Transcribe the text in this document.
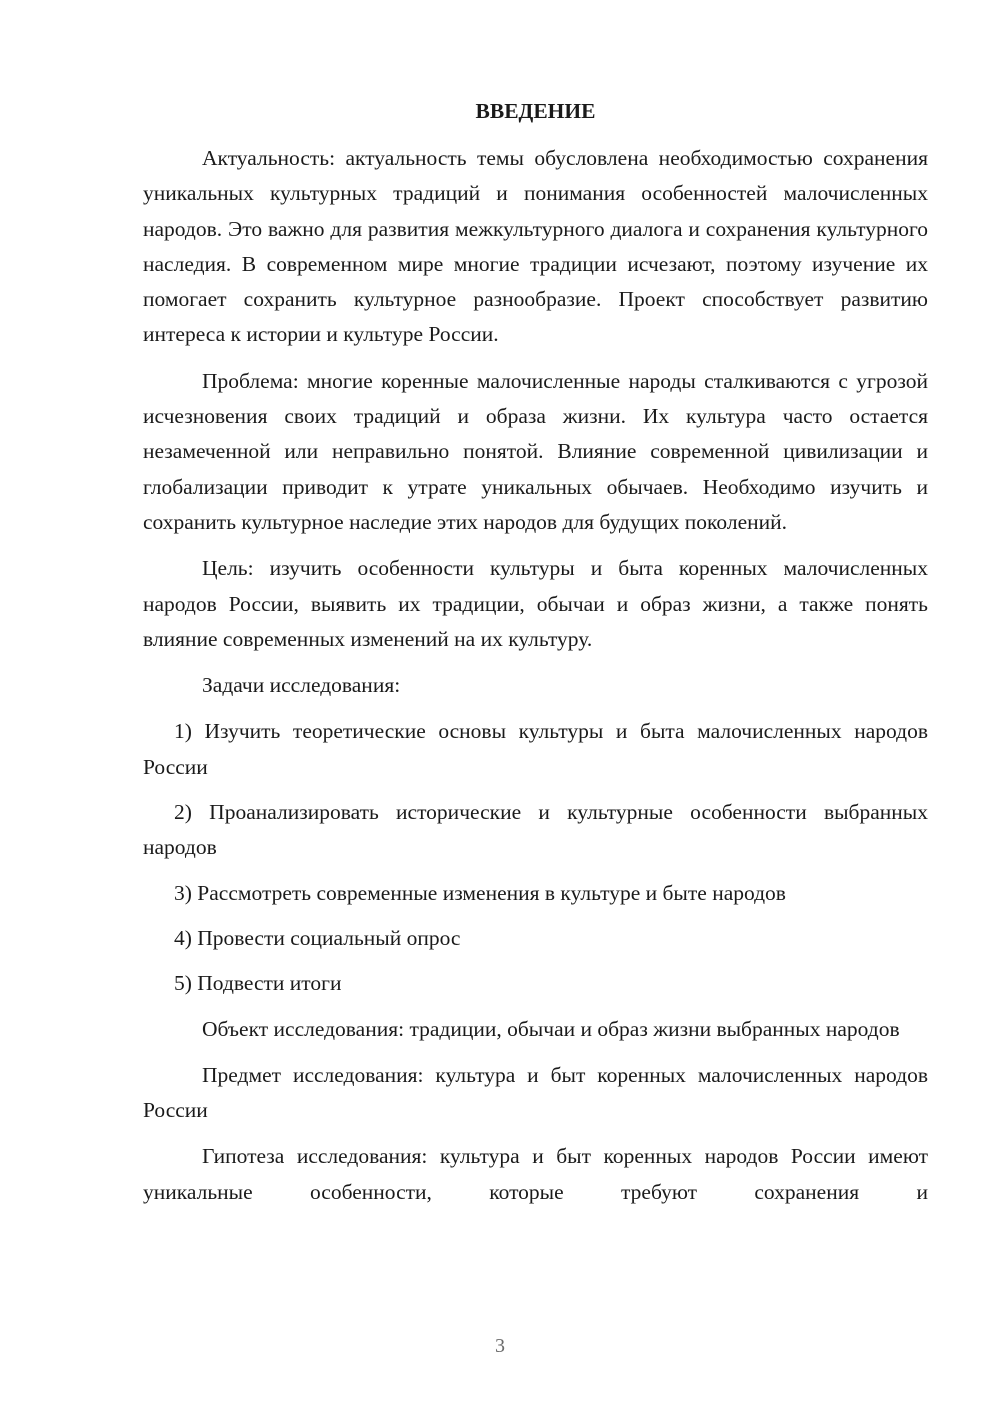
ВВЕДЕНИЕ

Актуальность: актуальность темы обусловлена необходимостью сохранения уникальных культурных традиций и понимания особенностей малочисленных народов. Это важно для развития межкультурного диалога и сохранения культурного наследия. В современном мире многие традиции исчезают, поэтому изучение их помогает сохранить культурное разнообразие. Проект способствует развитию интереса к истории и культуре России.

Проблема: многие коренные малочисленные народы сталкиваются с угрозой исчезновения своих традиций и образа жизни. Их культура часто остается незамеченной или неправильно понятой. Влияние современной цивилизации и глобализации приводит к утрате уникальных обычаев. Необходимо изучить и сохранить культурное наследие этих народов для будущих поколений.

Цель: изучить особенности культуры и быта коренных малочисленных народов России, выявить их традиции, обычаи и образ жизни, а также понять влияние современных изменений на их культуру.

Задачи исследования:

1) Изучить теоретические основы культуры и быта малочисленных народов России

2) Проанализировать исторические и культурные особенности выбранных народов

3) Рассмотреть современные изменения в культуре и быте народов

4) Провести социальный опрос

5) Подвести итоги

Объект исследования: традиции, обычаи и образ жизни выбранных народов

Предмет исследования: культура и быт коренных малочисленных народов России

Гипотеза исследования: культура и быт коренных народов России имеют уникальные особенности, которые требуют сохранения и

3
